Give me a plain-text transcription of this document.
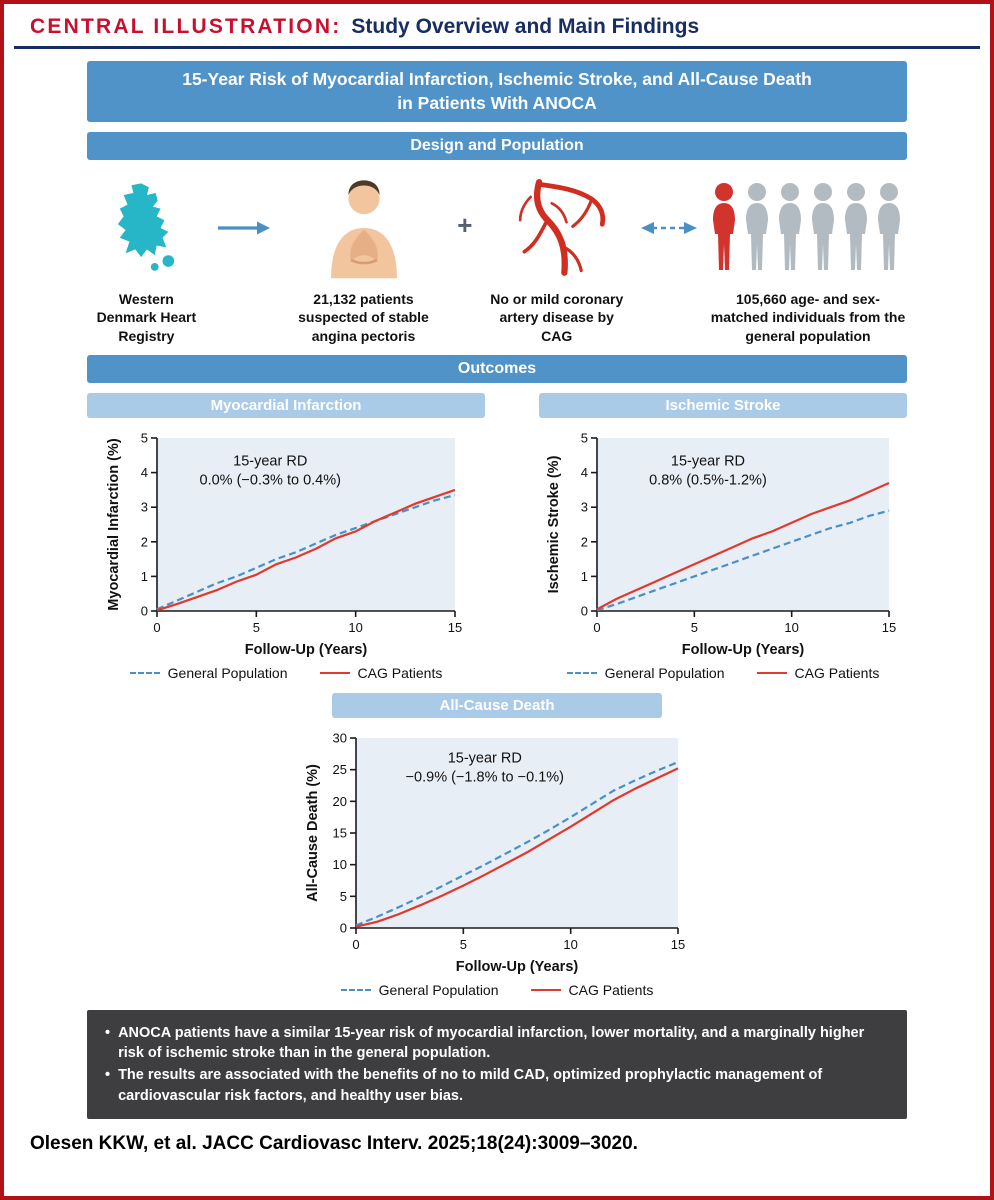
CENTRAL ILLUSTRATION: Study Overview and Main Findings
15-Year Risk of Myocardial Infarction, Ischemic Stroke, and All-Cause Death
in Patients With ANOCA
Design and Population
Western Denmark Heart Registry
21,132 patients suspected of stable angina pectoris
+
No or mild coronary artery disease by CAG
105,660 age- and sex-matched individuals from the general population
Outcomes
Myocardial Infarction
0	5	10	15
0
1
2
3
4
5
15-year RD
0.0% (−0.3% to 0.4%)
Follow-Up (Years)
Myocardial Infarction (%)
General Population	CAG Patients
Ischemic Stroke
0	5	10	15
0
1
2
3
4
5
15-year RD
0.8% (0.5%-1.2%)
Follow-Up (Years)
Ischemic Stroke (%)
General Population	CAG Patients
All-Cause Death
0	5	10	15
0
5
10
15
20
25
30
15-year RD
−0.9% (−1.8% to −0.1%)
Follow-Up (Years)
All-Cause Death (%)
General Population	CAG Patients
• ANOCA patients have a similar 15-year risk of myocardial infarction, lower mortality, and a marginally higher risk of ischemic stroke than in the general population.
• The results are associated with the benefits of no to mild CAD, optimized prophylactic management of cardiovascular risk factors, and healthy user bias.
Olesen KKW, et al. JACC Cardiovasc Interv. 2025;18(24):3009–3020.
